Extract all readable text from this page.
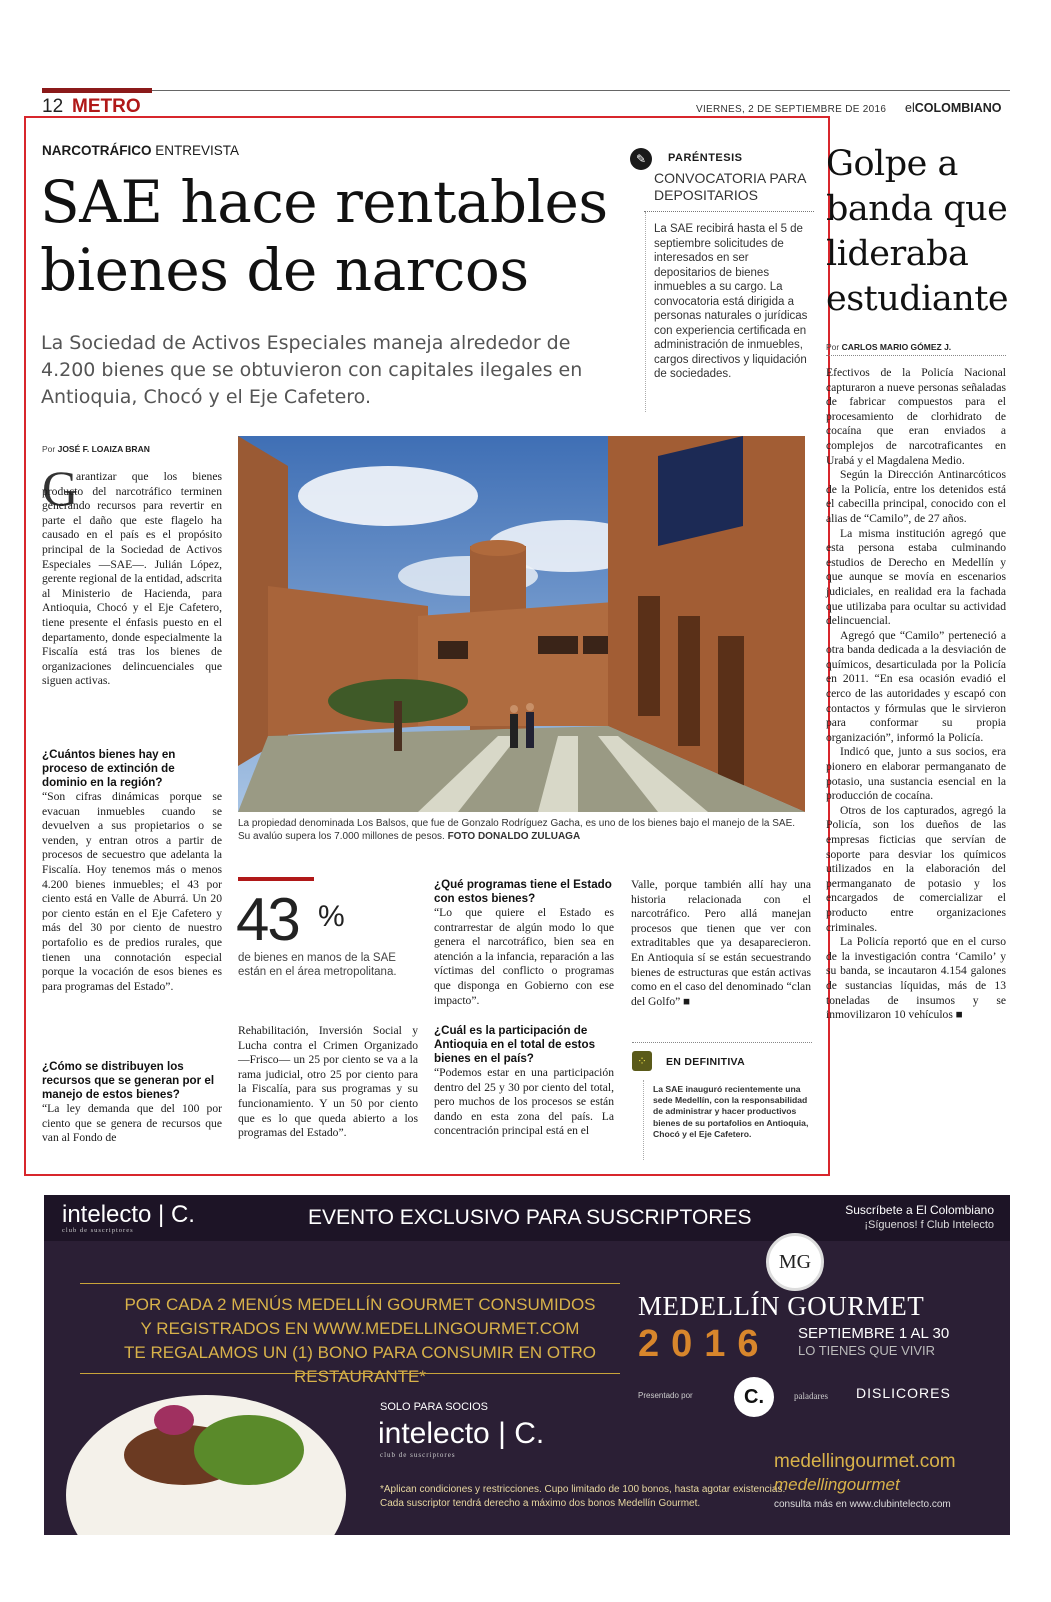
12 METRO	VIERNES, 2 DE SEPTIEMBRE DE 2016 elCOLOMBIANO
NARCOTRÁFICO ENTREVISTA
SAE hace rentables bienes de narcos
La Sociedad de Activos Especiales maneja alrededor de 4.200 bienes que se obtuvieron con capitales ilegales en Antioquia, Chocó y el Eje Cafetero.
✎	PARÉNTESIS
CONVOCATORIA PARA DEPOSITARIOS
La SAE recibirá hasta el 5 de septiembre solicitudes de interesados en ser depositarios de bienes inmuebles a su cargo. La convocatoria está dirigida a personas naturales o jurídicas con experiencia certificada en administración de inmuebles, cargos directivos y liquidación de sociedades.
Por JOSÉ F. LOAIZA BRAN
G
arantizar que los bienes producto del narcotráfico terminen generando recursos para revertir en parte el daño que este flagelo ha causado en el país es el propósito principal de la Sociedad de Activos Especiales —SAE—. Julián López, gerente regional de la entidad, adscrita al Ministerio de Hacienda, para Antioquia, Chocó y el Eje Cafetero, tiene presente el énfasis puesto en el departamento, donde especialmente la Fiscalía está tras los bienes de organizaciones delincuenciales que siguen activas.
¿Cuántos bienes hay en proceso de extinción de dominio en la región?
“Son cifras dinámicas porque se evacuan inmuebles cuando se devuelven a sus propietarios o se venden, y entran otros a partir de procesos de secuestro que adelanta la Fiscalía. Hoy tenemos más o menos 4.200 bienes inmuebles; el 43 por ciento está en Valle de Aburrá. Un 20 por ciento están en el Eje Cafetero y más del 30 por ciento de nuestro portafolio es de predios rurales, que tienen una connotación especial porque la vocación de esos bienes es para programas del Estado”.
¿Cómo se distribuyen los recursos que se generan por el manejo de estos bienes?
“La ley demanda que del 100 por ciento que se genera de recursos que van al Fondo de
La propiedad denominada Los Balsos, que fue de Gonzalo Rodríguez Gacha, es uno de los bienes bajo el manejo de la SAE. Su avalúo supera los 7.000 millones de pesos. FOTO DONALDO ZULUAGA
43 %
de bienes en manos de la SAE están en el área metropolitana.
Rehabilitación, Inversión Social y Lucha contra el Crimen Organizado —Frisco— un 25 por ciento se va a la rama judicial, otro 25 por ciento para la Fiscalía, para sus programas y su funcionamiento. Y un 50 por ciento que es lo que queda abierto a los programas del Estado”.
¿Qué programas tiene el Estado con estos bienes?
“Lo que quiere el Estado es contrarrestar de algún modo lo que genera el narcotráfico, bien sea en atención a la infancia, reparación a las víctimas del conflicto o programas que disponga en Gobierno con ese impacto”.
¿Cuál es la participación de Antioquia en el total de estos bienes en el país?
“Podemos estar en una participación dentro del 25 y 30 por ciento del total, pero muchos de los procesos se están dando en esta zona del país. La concentración principal está en el
Valle, porque también allí hay una historia relacionada con el narcotráfico. Pero allá manejan procesos que tienen que ver con extraditables que ya desaparecieron. En Antioquia sí se están secuestrando bienes de estructuras que están activas como en el caso del denominado “clan del Golfo” ■
⁘	EN DEFINITIVA
La SAE inauguró recientemente una sede Medellín, con la responsabilidad de administrar y hacer productivos bienes de su portafolios en Antioquia, Chocó y el Eje Cafetero.
Golpe a banda que lideraba estudiante
Por CARLOS MARIO GÓMEZ J.

Efectivos de la Policía Nacional capturaron a nueve personas señaladas de fabricar compuestos para el procesamiento de clorhidrato de cocaína que eran enviados a complejos de narcotraficantes en Urabá y el Magdalena Medio.

Según la Dirección Antinarcóticos de la Policía, entre los detenidos está el cabecilla principal, conocido con el alias de “Camilo”, de 27 años.

La misma institución agregó que esta persona estaba culminando estudios de Derecho en Medellín y que aunque se movía en escenarios judiciales, en realidad era la fachada que utilizaba para ocultar su actividad delincuencial.

Agregó que “Camilo” perteneció a otra banda dedicada a la desviación de químicos, desarticulada por la Policía en 2011. “En esa ocasión evadió el cerco de las autoridades y escapó con contactos y fórmulas que le sirvieron para conformar su propia organización”, informó la Policía.

Indicó que, junto a sus socios, era pionero en elaborar permanganato de potasio, una sustancia esencial en la producción de cocaína.

Otros de los capturados, agregó la Policía, son los dueños de las empresas ficticias que servían de soporte para desviar los químicos utilizados en la elaboración del permanganato de potasio y los encargados de comercializar el producto entre organizaciones criminales.

La Policía reportó que en el curso de la investigación contra ‘Camilo’ y su banda, se incautaron 4.154 galones de sustancias líquidas, más de 13 toneladas de insumos y se inmovilizaron 10 vehículos ■

intelecto | C.
club de suscriptores
EVENTO EXCLUSIVO PARA SUSCRIPTORES	Suscríbete a El Colombiano
¡Síguenos! f Club Intelecto
POR CADA 2 MENÚS MEDELLÍN GOURMET CONSUMIDOS
Y REGISTRADOS EN WWW.MEDELLINGOURMET.COM
TE REGALAMOS UN (1) BONO PARA CONSUMIR EN OTRO RESTAURANTE*
MG
MEDELLÍN GOURMET
2016 SEPTIEMBRE 1 AL 30
LO TIENES QUE VIVIR
Presentado por	C.	paladares DISLICORES
SOLO PARA SOCIOS
intelecto | C.
club de suscriptores
*Aplican condiciones y restricciones. Cupo limitado de 100 bonos, hasta agotar existencias.
Cada suscriptor tendrá derecho a máximo dos bonos Medellín Gourmet.
medellingourmet.com
medellingourmet
consulta más en www.clubintelecto.com
